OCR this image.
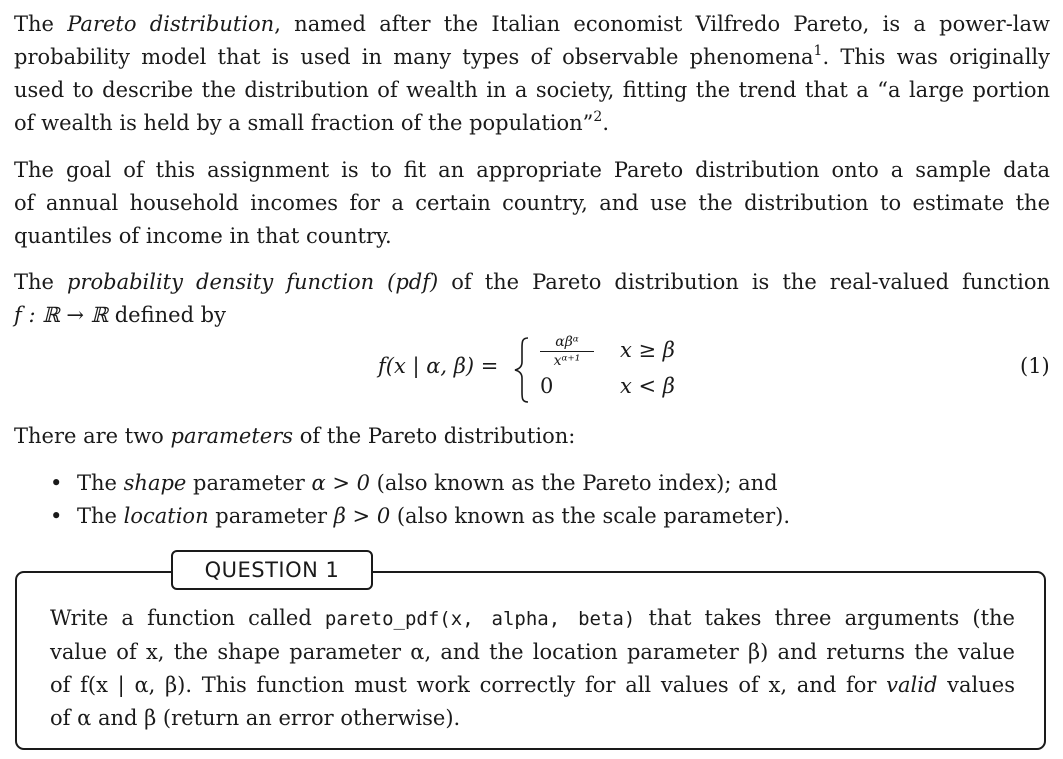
The Pareto distribution, named after the Italian economist Vilfredo Pareto, is a power-law

probability model that is used in many types of observable phenomena$^1$. This was originally

used to describe the distribution of wealth in a society, fitting the trend that a “a large portion

of wealth is held by a small fraction of the population”$^2$.

The goal of this assignment is to fit an appropriate Pareto distribution onto a sample data

of annual household incomes for a certain country, and use the distribution to estimate the

quantiles of income in that country.

The probability density function (pdf) of the Pareto distribution is the real-valued function

f : ℝ → ℝ defined by

f(x | α, β) =
αβᵅ
xᵅ⁺¹	x ≥ β
0	x < β
(1)

There are two parameters of the Pareto distribution:

• The shape parameter α > 0 (also known as the Pareto index); and
• The location parameter β > 0 (also known as the scale parameter).
QUESTION 1

Write a function called pareto_pdf(x, alpha, beta) that takes three arguments (the

value of x, the shape parameter α, and the location parameter β) and returns the value

of f(x | α, β). This function must work correctly for all values of x, and for valid values

of α and β (return an error otherwise).
